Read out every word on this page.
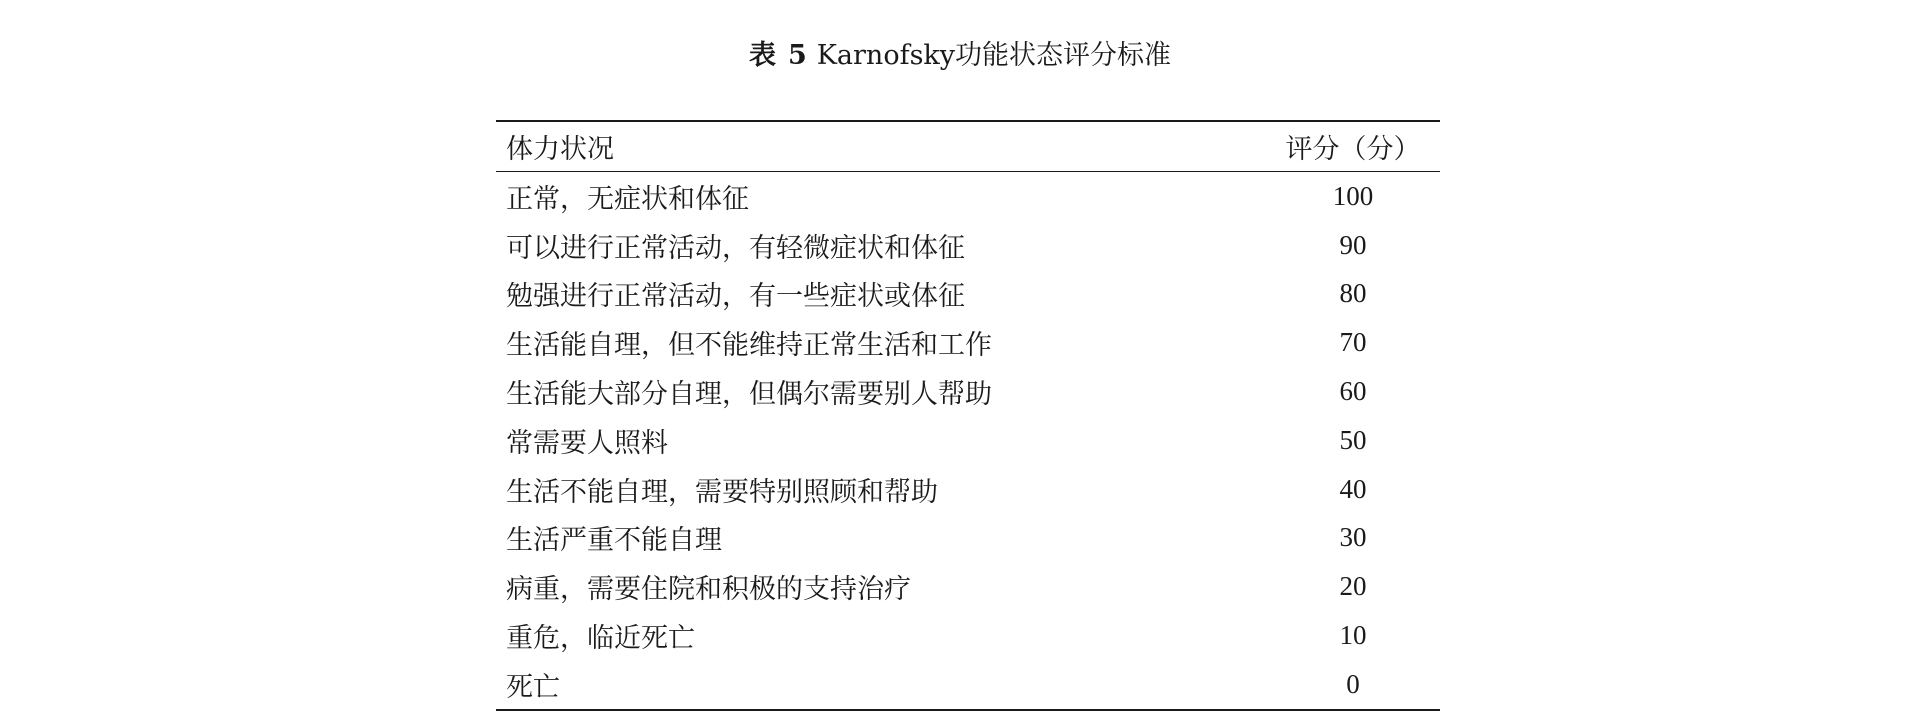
表 5 Karnofsky功能状态评分标准
体力状况	评分（分）
正常，无症状和体征	100
可以进行正常活动，有轻微症状和体征	90
勉强进行正常活动，有一些症状或体征	80
生活能自理，但不能维持正常生活和工作	70
生活能大部分自理，但偶尔需要别人帮助	60
常需要人照料	50
生活不能自理，需要特别照顾和帮助	40
生活严重不能自理	30
病重，需要住院和积极的支持治疗	20
重危，临近死亡	10
死亡	0
